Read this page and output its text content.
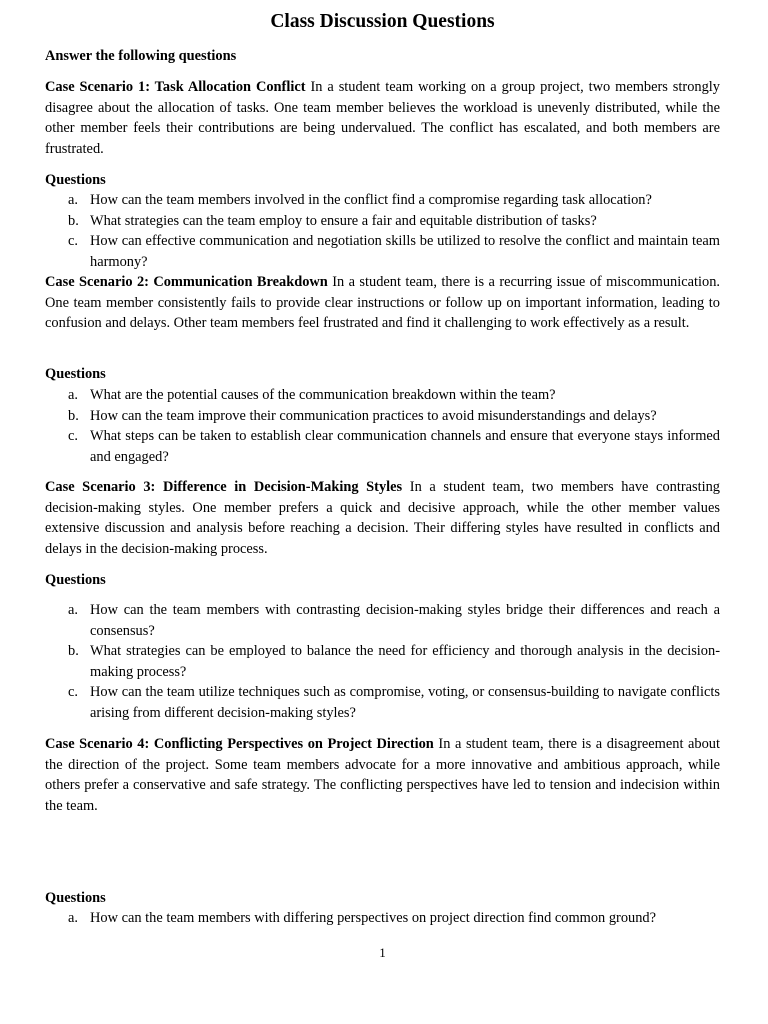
Class Discussion Questions
Answer the following questions

Case Scenario 1: Task Allocation Conflict In a student team working on a group project, two members strongly disagree about the allocation of tasks. One team member believes the workload is unevenly distributed, while the other member feels their contributions are being undervalued. The conflict has escalated, and both members are frustrated.

Questions
a. How can the team members involved in the conflict find a compromise regarding task allocation?
b. What strategies can the team employ to ensure a fair and equitable distribution of tasks?
c. How can effective communication and negotiation skills be utilized to resolve the conflict and maintain team harmony?

Case Scenario 2: Communication Breakdown In a student team, there is a recurring issue of miscommunication. One team member consistently fails to provide clear instructions or follow up on important information, leading to confusion and delays. Other team members feel frustrated and find it challenging to work effectively as a result.

Questions
a. What are the potential causes of the communication breakdown within the team?
b. How can the team improve their communication practices to avoid misunderstandings and delays?
c. What steps can be taken to establish clear communication channels and ensure that everyone stays informed and engaged?

Case Scenario 3: Difference in Decision-Making Styles In a student team, two members have contrasting decision-making styles. One member prefers a quick and decisive approach, while the other member values extensive discussion and analysis before reaching a decision. Their differing styles have resulted in conflicts and delays in the decision-making process.

Questions
a. How can the team members with contrasting decision-making styles bridge their differences and reach a consensus?
b. What strategies can be employed to balance the need for efficiency and thorough analysis in the decision-making process?
c. How can the team utilize techniques such as compromise, voting, or consensus-building to navigate conflicts arising from different decision-making styles?

Case Scenario 4: Conflicting Perspectives on Project Direction In a student team, there is a disagreement about the direction of the project. Some team members advocate for a more innovative and ambitious approach, while others prefer a conservative and safe strategy. The conflicting perspectives have led to tension and indecision within the team.

Questions
a. How can the team members with differing perspectives on project direction find common ground?
1
